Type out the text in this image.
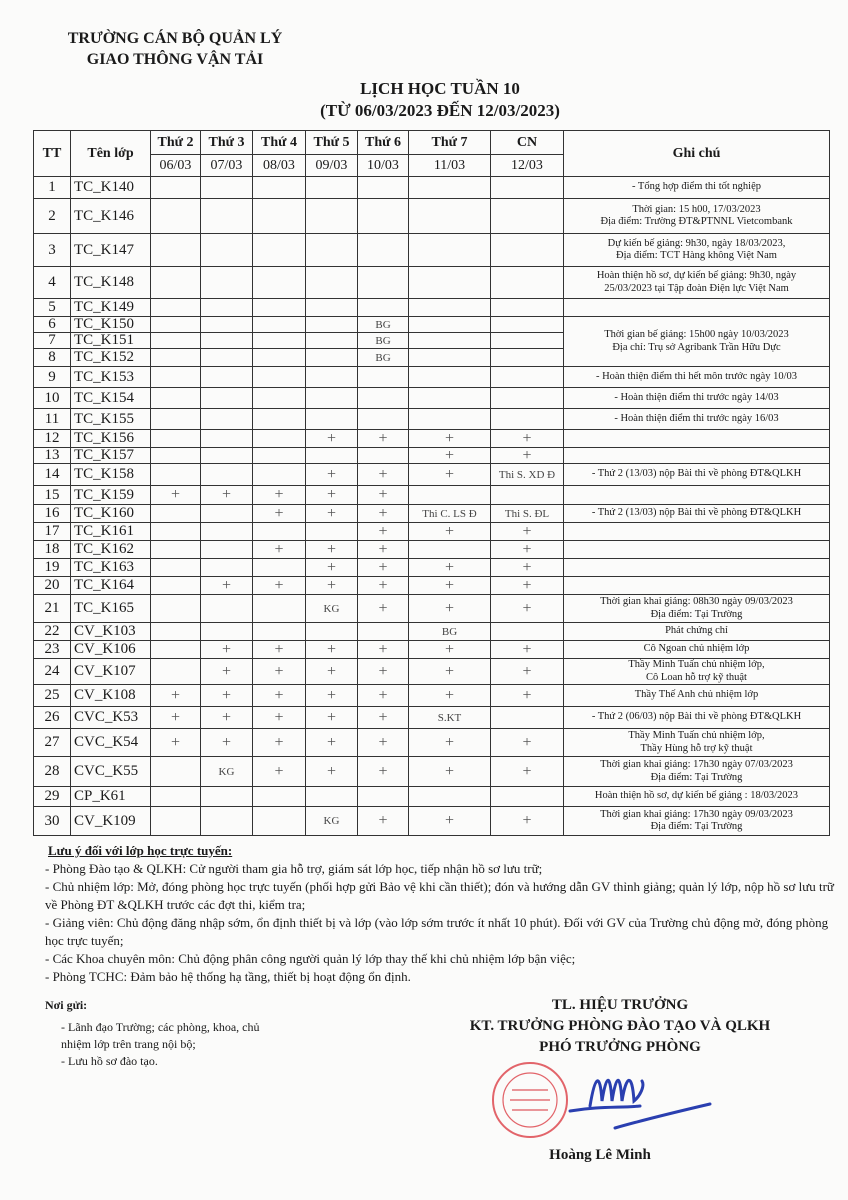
TRƯỜNG CÁN BỘ QUẢN LÝ
GIAO THÔNG VẬN TẢI
LỊCH HỌC TUẦN 10
(TỪ 06/03/2023 ĐẾN 12/03/2023)
TT	Tên lớp	Thứ 2	Thứ 3	Thứ 4	Thứ 5	Thứ 6	Thứ 7	CN	Ghi chú
		06/03	07/03	08/03	09/03	10/03	11/03	12/03	
1	TC_K140								- Tổng hợp điểm thi tốt nghiệp

2	TC_K146								Thời gian: 15 h00, 17/03/2023
Địa điểm: Trường ĐT&PTNNL Vietcombank

3	TC_K147								Dự kiến bế giảng: 9h30, ngày 18/03/2023,
Địa điểm: TCT Hàng không Việt Nam

4	TC_K148								Hoàn thiện hồ sơ, dự kiến bế giảng: 9h30, ngày
25/03/2023 tại Tập đoàn Điện lực Việt Nam

5	TC_K149								

6	TC_K150					BG			Thời gian bế giảng: 15h00 ngày 10/03/2023
Địa chỉ: Trụ sở Agribank Trần Hữu Dực

7	TC_K151					BG			
8	TC_K152					BG			
9	TC_K153								- Hoàn thiện điểm thi hết môn trước ngày 10/03

10	TC_K154								- Hoàn thiện điểm thi trước ngày 14/03

11	TC_K155								- Hoàn thiện điểm thi trước ngày 16/03

12	TC_K156				+	+	+	+	

13	TC_K157						+	+	

14	TC_K158				+	+	+	Thi S. XD Đ	- Thứ 2 (13/03) nộp Bài thi về phòng ĐT&QLKH

15	TC_K159	+	+	+	+	+			

16	TC_K160			+	+	+	Thi C. LS Đ	Thi S. ĐL	- Thứ 2 (13/03) nộp Bài thi về phòng ĐT&QLKH

17	TC_K161					+	+	+	

18	TC_K162			+	+	+		+	

19	TC_K163				+	+	+	+	

20	TC_K164		+	+	+	+	+	+	

21	TC_K165				KG	+	+	+	Thời gian khai giảng: 08h30 ngày 09/03/2023
Địa điểm: Tại Trường

22	CV_K103						BG		Phát chứng chỉ

23	CV_K106		+	+	+	+	+	+	Cô Ngoan chủ nhiệm lớp

24	CV_K107		+	+	+	+	+	+	Thầy Minh Tuấn chủ nhiệm lớp,
Cô Loan hỗ trợ kỹ thuật

25	CV_K108	+	+	+	+	+	+	+	Thầy Thế Anh chủ nhiệm lớp

26	CVC_K53	+	+	+	+	+	S.KT		- Thứ 2 (06/03) nộp Bài thi về phòng ĐT&QLKH

27	CVC_K54	+	+	+	+	+	+	+	Thầy Minh Tuấn chủ nhiệm lớp,
Thầy Hùng hỗ trợ kỹ thuật

28	CVC_K55		KG	+	+	+	+	+	Thời gian khai giảng: 17h30 ngày 07/03/2023
Địa điểm: Tại Trường

29	CP_K61								Hoàn thiện hồ sơ, dự kiến bế giảng : 18/03/2023

30	CV_K109				KG	+	+	+	Thời gian khai giảng: 17h30 ngày 09/03/2023
Địa điểm: Tại Trường
Lưu ý đối với lớp học trực tuyến:
- Phòng Đào tạo & QLKH: Cử người tham gia hỗ trợ, giám sát lớp học, tiếp nhận hồ sơ lưu trữ;
- Chủ nhiệm lớp: Mở, đóng phòng học trực tuyến (phối hợp gửi Bảo vệ khi cần thiết); đón và hướng dẫn GV thỉnh giảng; quản lý lớp, nộp hồ sơ lưu trữ về Phòng ĐT &QLKH trước các đợt thi, kiểm tra;
- Giảng viên: Chủ động đăng nhập sớm, ổn định thiết bị và lớp (vào lớp sớm trước ít nhất 10 phút). Đối với GV của Trường chủ động mở, đóng phòng học trực tuyến;
- Các Khoa chuyên môn: Chủ động phân công người quản lý lớp thay thế khi chủ nhiệm lớp bận việc;
- Phòng TCHC: Đảm bảo hệ thống hạ tầng, thiết bị hoạt động ổn định.
Nơi gửi:
- Lãnh đạo Trường; các phòng, khoa, chủ nhiệm lớp trên trang nội bộ;
- Lưu hồ sơ đào tạo.
TL. HIỆU TRƯỞNG
KT. TRƯỞNG PHÒNG ĐÀO TẠO VÀ QLKH
PHÓ TRƯỞNG PHÒNG
Hoàng Lê Minh
